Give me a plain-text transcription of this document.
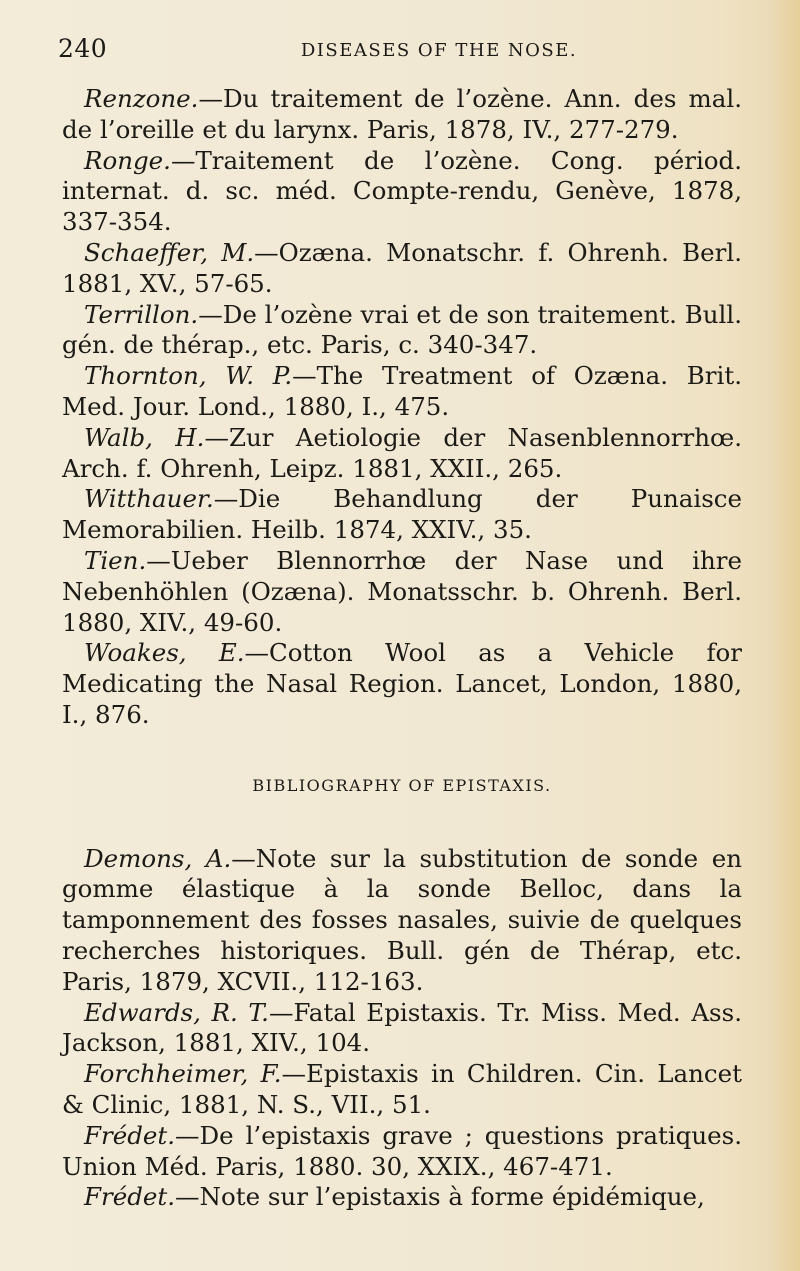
240	DISEASES OF THE NOSE.

Renzone.—Du traitement de l’ozène. Ann. des mal. de l’oreille et du larynx. Paris, 1878, IV., 277-279.

Ronge.—Traitement de l’ozène. Cong. périod. internat. d. sc. méd. Compte-rendu, Genève, 1878, 337-354.

Schaeffer, M.—Ozæna. Monatschr. f. Ohrenh. Berl. 1881, XV., 57-65.

Terrillon.—De l’ozène vrai et de son traitement. Bull. gén. de thérap., etc. Paris, c. 340-347.

Thornton, W. P.—The Treatment of Ozæna. Brit. Med. Jour. Lond., 1880, I., 475.

Walb, H.—Zur Aetiologie der Nasenblennorrhœ. Arch. f. Ohrenh, Leipz. 1881, XXII., 265.

Witthauer.—Die Behandlung der Punaisce Memorabilien. Heilb. 1874, XXIV., 35.

Tien.—Ueber Blennorrhœ der Nase und ihre Nebenhöhlen (Ozæna). Monatsschr. b. Ohrenh. Berl. 1880, XIV., 49-60.

Woakes, E.—Cotton Wool as a Vehicle for Medicating the Nasal Region. Lancet, London, 1880, I., 876.

BIBLIOGRAPHY OF EPISTAXIS.

Demons, A.—Note sur la substitution de sonde en gomme élastique à la sonde Belloc, dans la tamponnement des fosses nasales, suivie de quelques recherches historiques. Bull. gén de Thérap, etc. Paris, 1879, XCVII., 112-163.

Edwards, R. T.—Fatal Epistaxis. Tr. Miss. Med. Ass. Jackson, 1881, XIV., 104.

Forchheimer, F.—Epistaxis in Children. Cin. Lancet & Clinic, 1881, N. S., VII., 51.

Frédet.—De l’epistaxis grave ; questions pratiques. Union Méd. Paris, 1880. 30, XXIX., 467-471.

Frédet.—Note sur l’epistaxis à forme épidémique,
